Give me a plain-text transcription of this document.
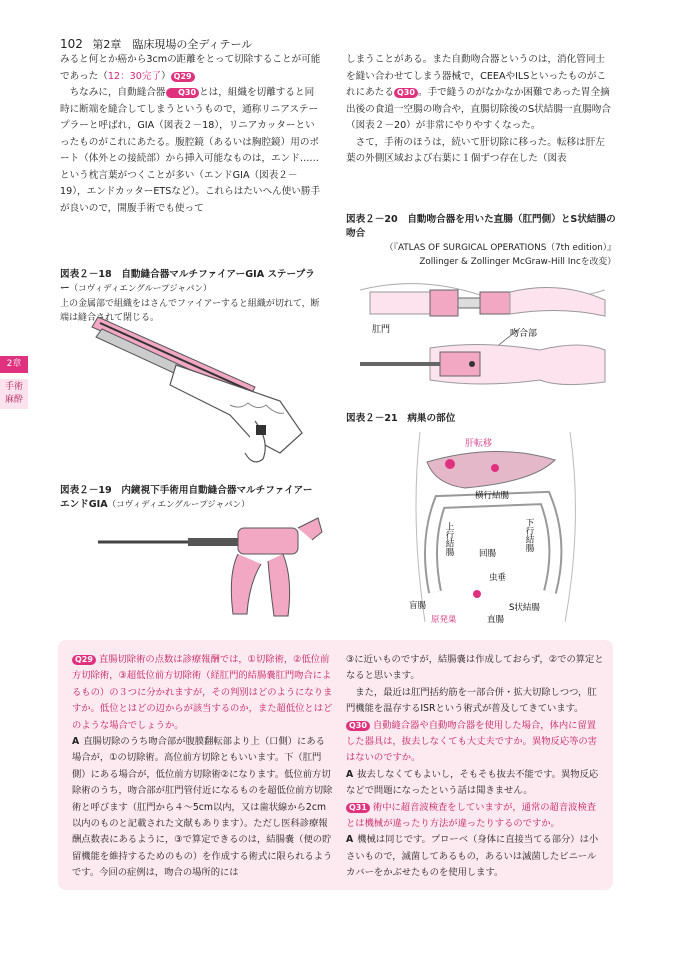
102 第2章　臨床現場の全ディテール
2章
手術
麻酔

みると何とか癌から3cmの距離をとって切除することが可能であった（12：30完了） Q29

ちなみに，自動縫合器 Q30 とは，組織を切離すると同時に断端を縫合してしまうというもので，通称リニアステープラーと呼ばれ，GIA（図表２－18），リニアカッターといったものがこれにあたる。腹腔鏡（あるいは胸腔鏡）用のポート（体外との接続部）から挿入可能なものは，エンド……という枕言葉がつくことが多い（エンドGIA（図表２－19），エンドカッターETSなど）。これらはたいへん使い勝手が良いので，開腹手術でも使って

図表２－18　自動縫合器マルチファイアーGIA ステープラー（コヴィディエングループジャパン）
上の金属部で組織をはさんでファイアーすると組織が切れて，断端は縫合されて閉じる。
図表２－19　内鏡視下手術用自動縫合器マルチファイアーエンドGIA（コヴィディエングループジャパン）

しまうことがある。また自動吻合器というのは，消化管同士を縫い合わせてしまう器械で，CEEAやILSといったものがこれにあたる Q30 。手で縫うのがなかなか困難であった胃全摘出後の食道一空腸の吻合や，直腸切除後のS状結腸一直腸吻合（図表２－20）が非常にやりやすくなった。

さて，手術のほうは，続いて肝切除に移った。転移は肝左葉の外側区域および右葉に１個ずつ存在した（図表

図表２－20　自動吻合器を用いた直腸（肛門側）とS状結腸の吻合
（『ATLAS OF SURGICAL OPERATIONS（7th edition）』Zollinger & Zollinger McGraw-Hill Incを改変）
肛門	吻合部
図表２－21　病巣の部位
肝転移
横行結腸
上行結腸	下行結腸
回腸
虫垂
盲腸	S状結腸
原発巣	直腸

Q29 直腸切除術の点数は診療報酬では，①切除術，②低位前方切除術，③超低位前方切除術（経肛門的結腸嚢肛門吻合によるもの）の３つに分かれますが，その判別はどのようになりますか。低位とはどの辺からが該当するのか，また超低位とはどのような場合でしょうか。

A 直腸切除のうち吻合部が腹膜翻転部より上（口側）にある場合が，①の切除術。高位前方切除ともいいます。下（肛門側）にある場合が，低位前方切除術②になります。低位前方切除術のうち，吻合部が肛門管付近になるものを超低位前方切除術と呼びます（肛門から４～5cm以内，又は歯状線から2cm以内のものと記載された文献もあります）。ただし医科診療報酬点数表にあるように，③で算定できるのは，結腸嚢（便の貯留機能を維持するためのもの）を作成する術式に限られるようです。今回の症例は，吻合の場所的には

③に近いものですが，結腸嚢は作成しておらず，②での算定となると思います。

また，最近は肛門括約筋を一部合併・拡大切除しつつ，肛門機能を温存するISRという術式が普及してきています。

Q30 自動縫合器や自動吻合器を使用した場合，体内に留置した器具は，抜去しなくても大丈夫ですか。異物反応等の害はないのですか。

A 抜去しなくてもよいし，そもそも抜去不能です。異物反応などで問題になったという話は聞きません。

Q31 術中に超音波検査をしていますが，通常の超音波検査とは機械が違ったり方法が違ったりするのですか。

A 機械は同じです。プローベ（身体に直接当てる部分）は小さいもので，滅菌してあるもの，あるいは滅菌したビニールカバーをかぶせたものを使用します。
